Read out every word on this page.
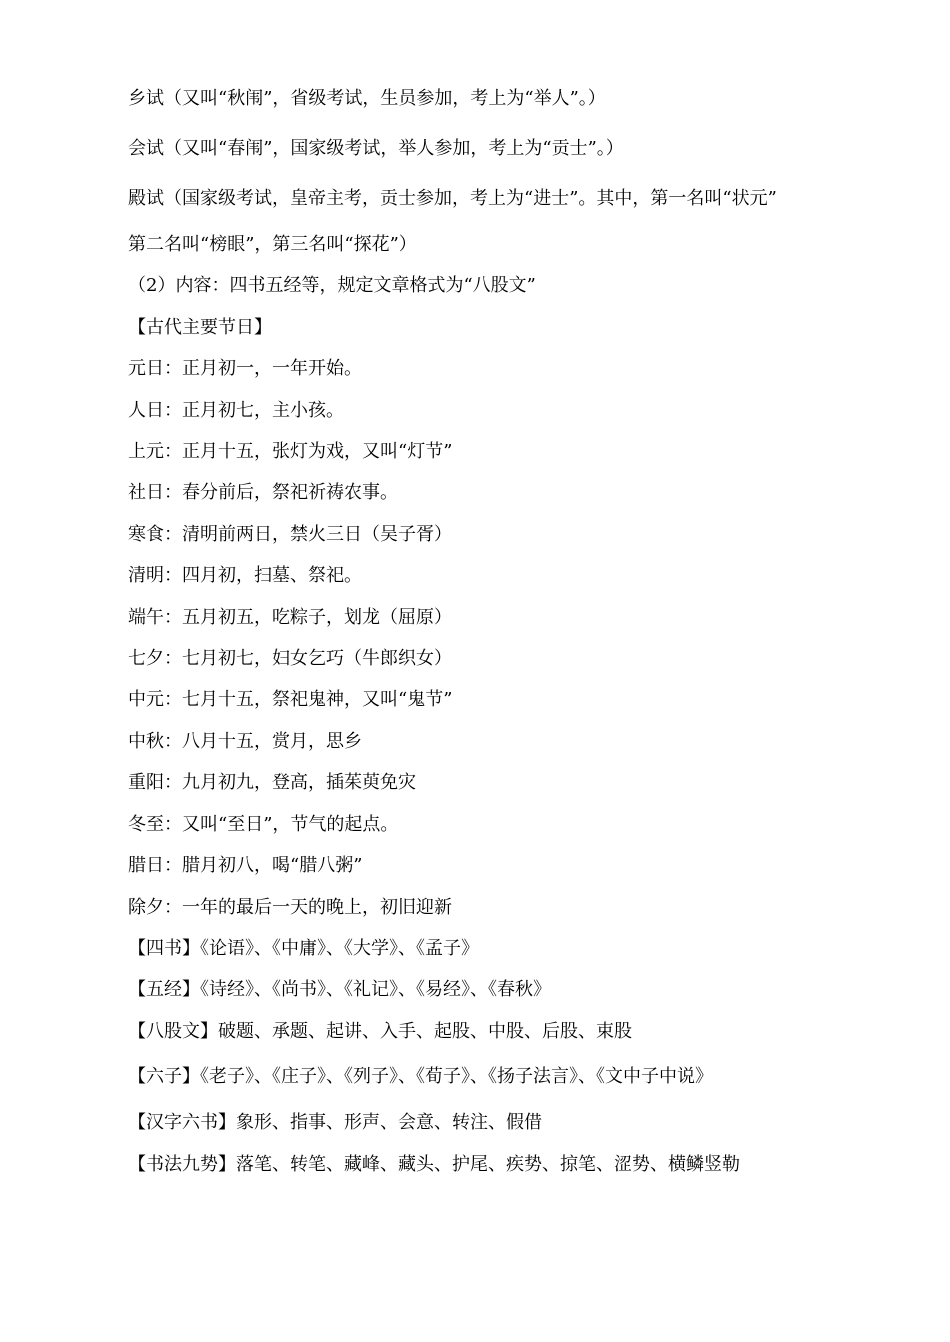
乡试（又叫“秋闱”，省级考试，生员参加，考上为“举人”。）

会试（又叫“春闱”，国家级考试，举人参加，考上为“贡士”。）

殿试（国家级考试，皇帝主考，贡士参加，考上为“进士”。其中，第一名叫“状元”

第二名叫“榜眼”，第三名叫“探花”）

（2）内容：四书五经等，规定文章格式为“八股文”

【古代主要节日】

元日：正月初一，一年开始。

人日：正月初七，主小孩。

上元：正月十五，张灯为戏，又叫“灯节”

社日：春分前后，祭祀祈祷农事。

寒食：清明前两日，禁火三日（吴子胥）

清明：四月初，扫墓、祭祀。

端午：五月初五，吃粽子，划龙（屈原）

七夕：七月初七，妇女乞巧（牛郎织女）

中元：七月十五，祭祀鬼神，又叫“鬼节”

中秋：八月十五，赏月，思乡

重阳：九月初九，登高，插茱萸免灾

冬至：又叫“至日”，节气的起点。

腊日：腊月初八，喝“腊八粥”

除夕：一年的最后一天的晚上，初旧迎新

【四书】《论语》、《中庸》、《大学》、《孟子》

【五经】《诗经》、《尚书》、《礼记》、《易经》、《春秋》

【八股文】破题、承题、起讲、入手、起股、中股、后股、束股

【六子】《老子》、《庄子》、《列子》、《荀子》、《扬子法言》、《文中子中说》

【汉字六书】象形、指事、形声、会意、转注、假借

【书法九势】落笔、转笔、藏峰、藏头、护尾、疾势、掠笔、涩势、横鳞竖勒
